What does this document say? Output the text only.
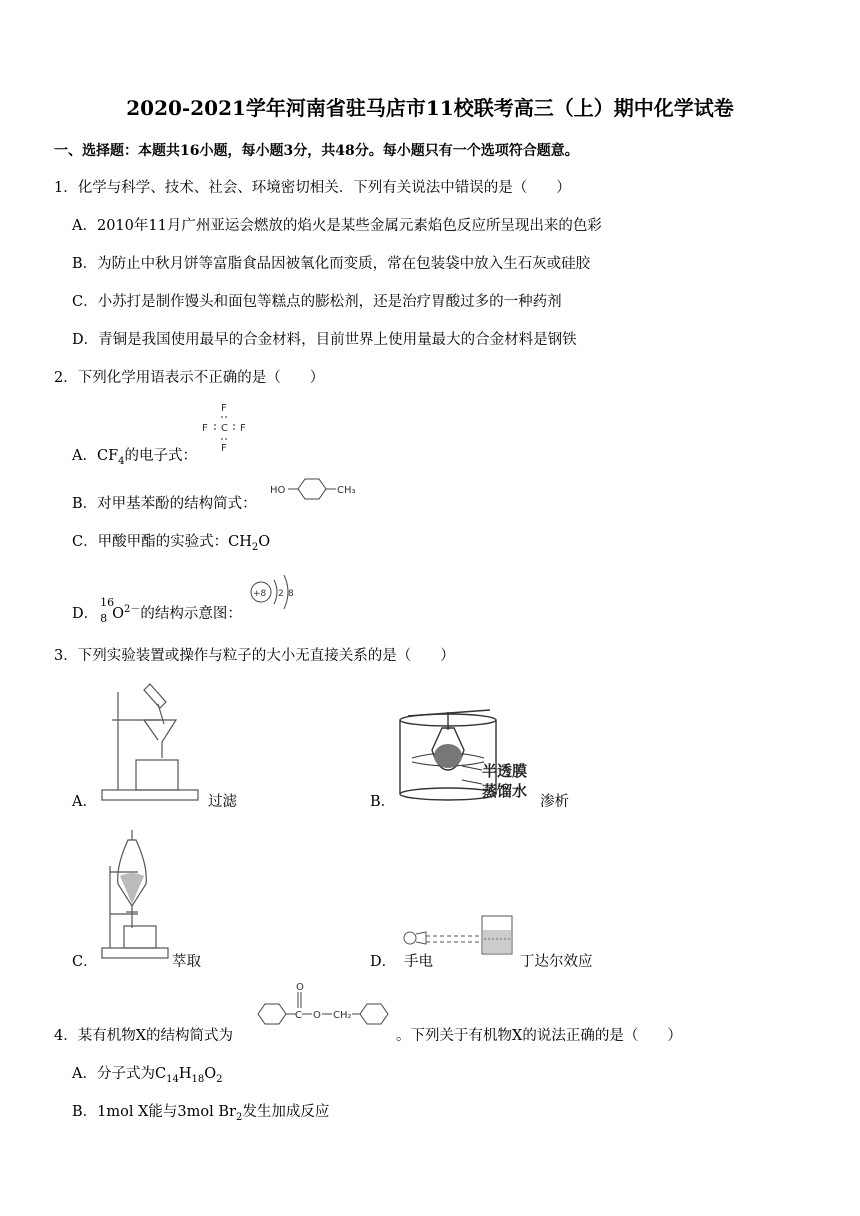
2020-2021学年河南省驻马店市11校联考高三（上）期中化学试卷
一、选择题：本题共16小题，每小题3分，共48分。每小题只有一个选项符合题意。
1．化学与科学、技术、社会、环境密切相关．下列有关说法中错误的是（　　）
A．2010年11月广州亚运会燃放的焰火是某些金属元素焰色反应所呈现出来的色彩
B．为防止中秋月饼等富脂食品因被氧化而变质，常在包装袋中放入生石灰或硅胶
C．小苏打是制作馒头和面包等糕点的膨松剂，还是治疗胃酸过多的一种药剂
D．青铜是我国使用最早的合金材料，目前世界上使用量最大的合金材料是钢铁
2．下列化学用语表示不正确的是（　　）
A．$CF_4$的电子式：
F
F C F
F
B．对甲基苯酚的结构简式：
HO	CH₃
C．甲酸甲酯的实验式：$CH_2O$
D．
16
8 $O^{2-}$的结构示意图：
+8 2 8
3．下列实验装置或操作与粒子的大小无直接关系的是（　　）
A．	过滤	B．
半透膜
蒸馏水
渗析
C．	萃取	D． 手电	丁达尔效应
4．某有机物X的结构简式为
O
C O CH₂
。下列关于有机物X的说法正确的是（　　）
A．分子式为$C_{14}H_{18}O_2$
B．1mol X能与3mol $Br_2$发生加成反应
